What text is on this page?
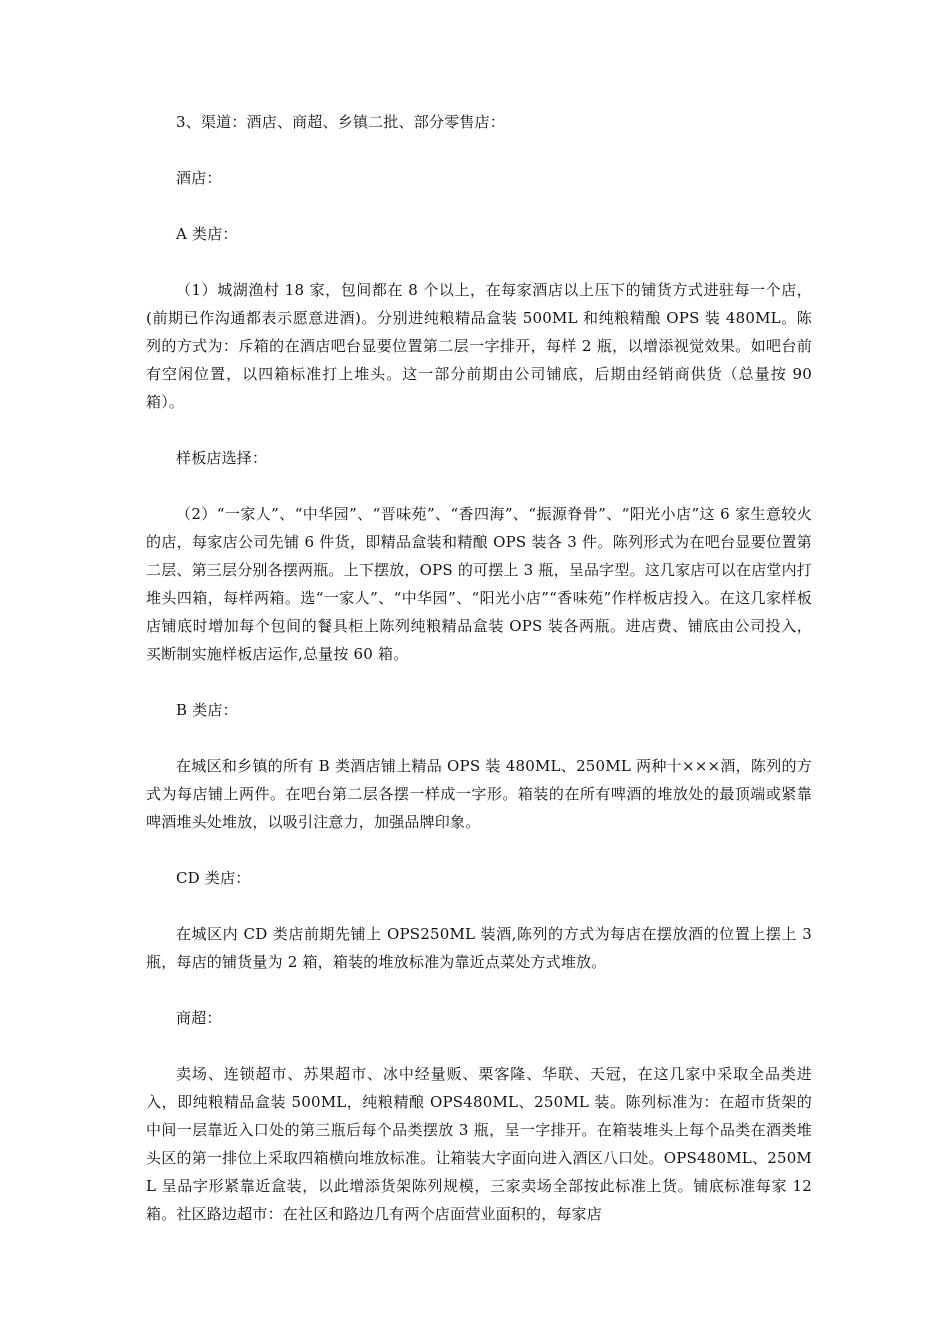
3、渠道：酒店、商超、乡镇二批、部分零售店：

酒店：

A 类店：

（1）城湖渔村 18 家，包间都在 8 个以上，在每家酒店以上压下的铺货方式进驻每一个店，(前期已作沟通都表示愿意进酒)。分别进纯粮精品盒装 500ML 和纯粮精酿 OPS 装 480ML。陈列的方式为：斥箱的在酒店吧台显要位置第二层一字排开，每样 2 瓶，以增添视觉效果。如吧台前有空闲位置，以四箱标准打上堆头。这一部分前期由公司铺底，后期由经销商供货（总量按 90 箱）。

样板店选择：

（2）“一家人”、“中华园”、“晋味苑”、“香四海”、“振源脊骨”、“阳光小店”这 6 家生意较火的店，每家店公司先铺 6 件货，即精品盒装和精酿 OPS 装各 3 件。陈列形式为在吧台显要位置第二层、第三层分别各摆两瓶。上下摆放，OPS 的可摆上 3 瓶，呈品字型。这几家店可以在店堂内打堆头四箱，每样两箱。选“一家人”、“中华园”、“阳光小店”“香味苑”作样板店投入。在这几家样板店铺底时增加每个包间的餐具柜上陈列纯粮精品盒装 OPS 装各两瓶。进店费、铺底由公司投入，买断制实施样板店运作,总量按 60 箱。

B 类店：

在城区和乡镇的所有 B 类酒店铺上精品 OPS 装 480ML、250ML 两种十×××酒，陈列的方式为每店铺上两件。在吧台第二层各摆一样成一字形。箱装的在所有啤酒的堆放处的最顶端或紧靠啤酒堆头处堆放，以吸引注意力，加强品牌印象。

CD 类店：

在城区内 CD 类店前期先铺上 OPS250ML 装酒,陈列的方式为每店在摆放酒的位置上摆上 3 瓶，每店的铺货量为 2 箱，箱装的堆放标准为靠近点菜处方式堆放。

商超：

卖场、连锁超市、苏果超市、冰中经量贩、栗客隆、华联、天冠，在这几家中采取全品类进入，即纯粮精品盒装 500ML，纯粮精酿 OPS480ML、250ML 装。陈列标准为：在超市货架的中间一层靠近入口处的第三瓶后每个品类摆放 3 瓶，呈一字排开。在箱装堆头上每个品类在酒类堆头区的第一排位上采取四箱横向堆放标准。让箱装大字面向进入酒区八口处。OPS480ML、250ML 呈品字形紧靠近盒装，以此增添货架陈列规模，三家卖场全部按此标准上货。铺底标准每家 12 箱。社区路边超市：在社区和路边几有两个店面营业面积的，每家店
